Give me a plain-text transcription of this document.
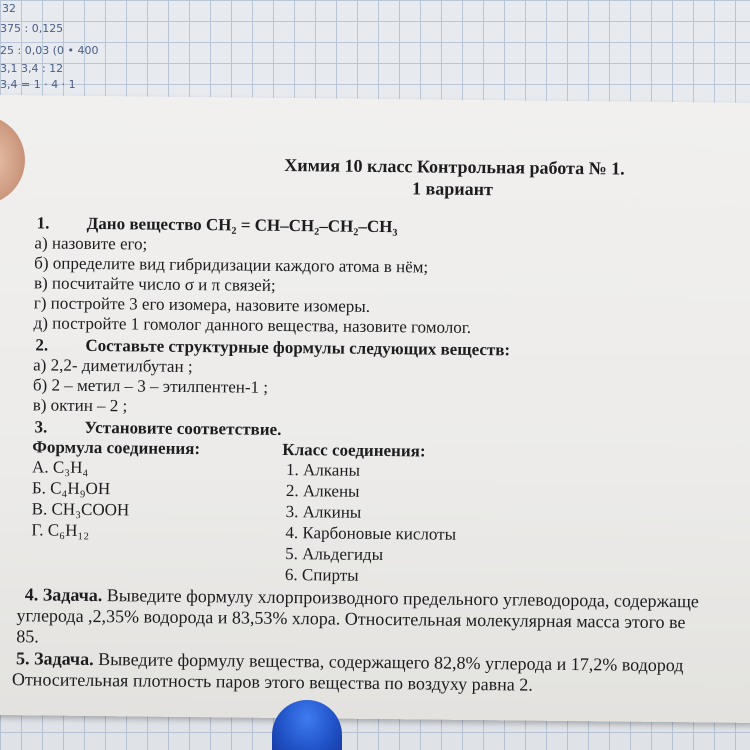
32
375 : 0,125
25 : 0,03 (0 • 400
3,1 3,4 : 12
3,4 = 1 · 4 · 1
Химия 10 класс Контрольная работа № 1.
1 вариант
1. Дано вещество CH₂ = CH–CH₂–CH₂–CH₃
а) назовите его;
б) определите вид гибридизации каждого атома в нём;
в) посчитайте число σ и π связей;
г) постройте 3 его изомера, назовите изомеры.
д) постройте 1 гомолог данного вещества, назовите гомолог.
2. Составьте структурные формулы следующих веществ:
а) 2,2- диметилбутан ;
б) 2 – метил – 3 – этилпентен-1 ;
в) октин – 2 ;
3. Установите соответствие.
Формула соединения:	Класс соединения:
А. C₃H₄
Б. C₄H₉OH
В. CH₃COOH
Г. C₆H₁₂
1. Алканы
2. Алкены
3. Алкины
4. Карбоновые кислоты
5. Альдегиды
6. Спирты
4. Задача. Выведите формулу хлорпроизводного предельного углеводорода, содержаще
углерода ,2,35% водорода и 83,53% хлора. Относительная молекулярная масса этого ве
85.
5. Задача. Выведите формулу вещества, содержащего 82,8% углерода и 17,2% водород
Относительная плотность паров этого вещества по воздуху равна 2.
